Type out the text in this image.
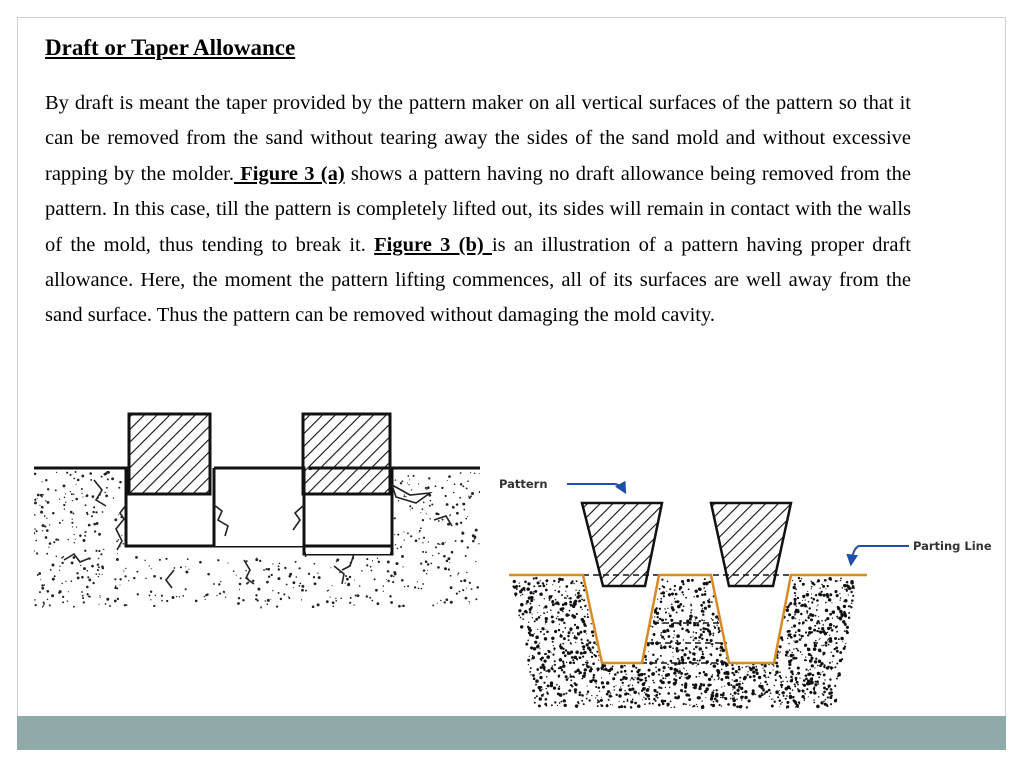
Draft or Taper Allowance

By draft is meant the taper provided by the pattern maker on all vertical surfaces of the pattern so that it can be removed from the sand without tearing away the sides of the sand mold and without excessive rapping by the molder. Figure 3 (a) shows a pattern having no draft allowance being removed from the pattern. In this case, till the pattern is completely lifted out, its sides will remain in contact with the walls of the mold, thus tending to break it. Figure 3 (b) is an illustration of a pattern having proper draft allowance. Here, the moment the pattern lifting commences, all of its surfaces are well away from the sand surface. Thus the pattern can be removed without damaging the mold cavity.

Pattern
Parting Line
